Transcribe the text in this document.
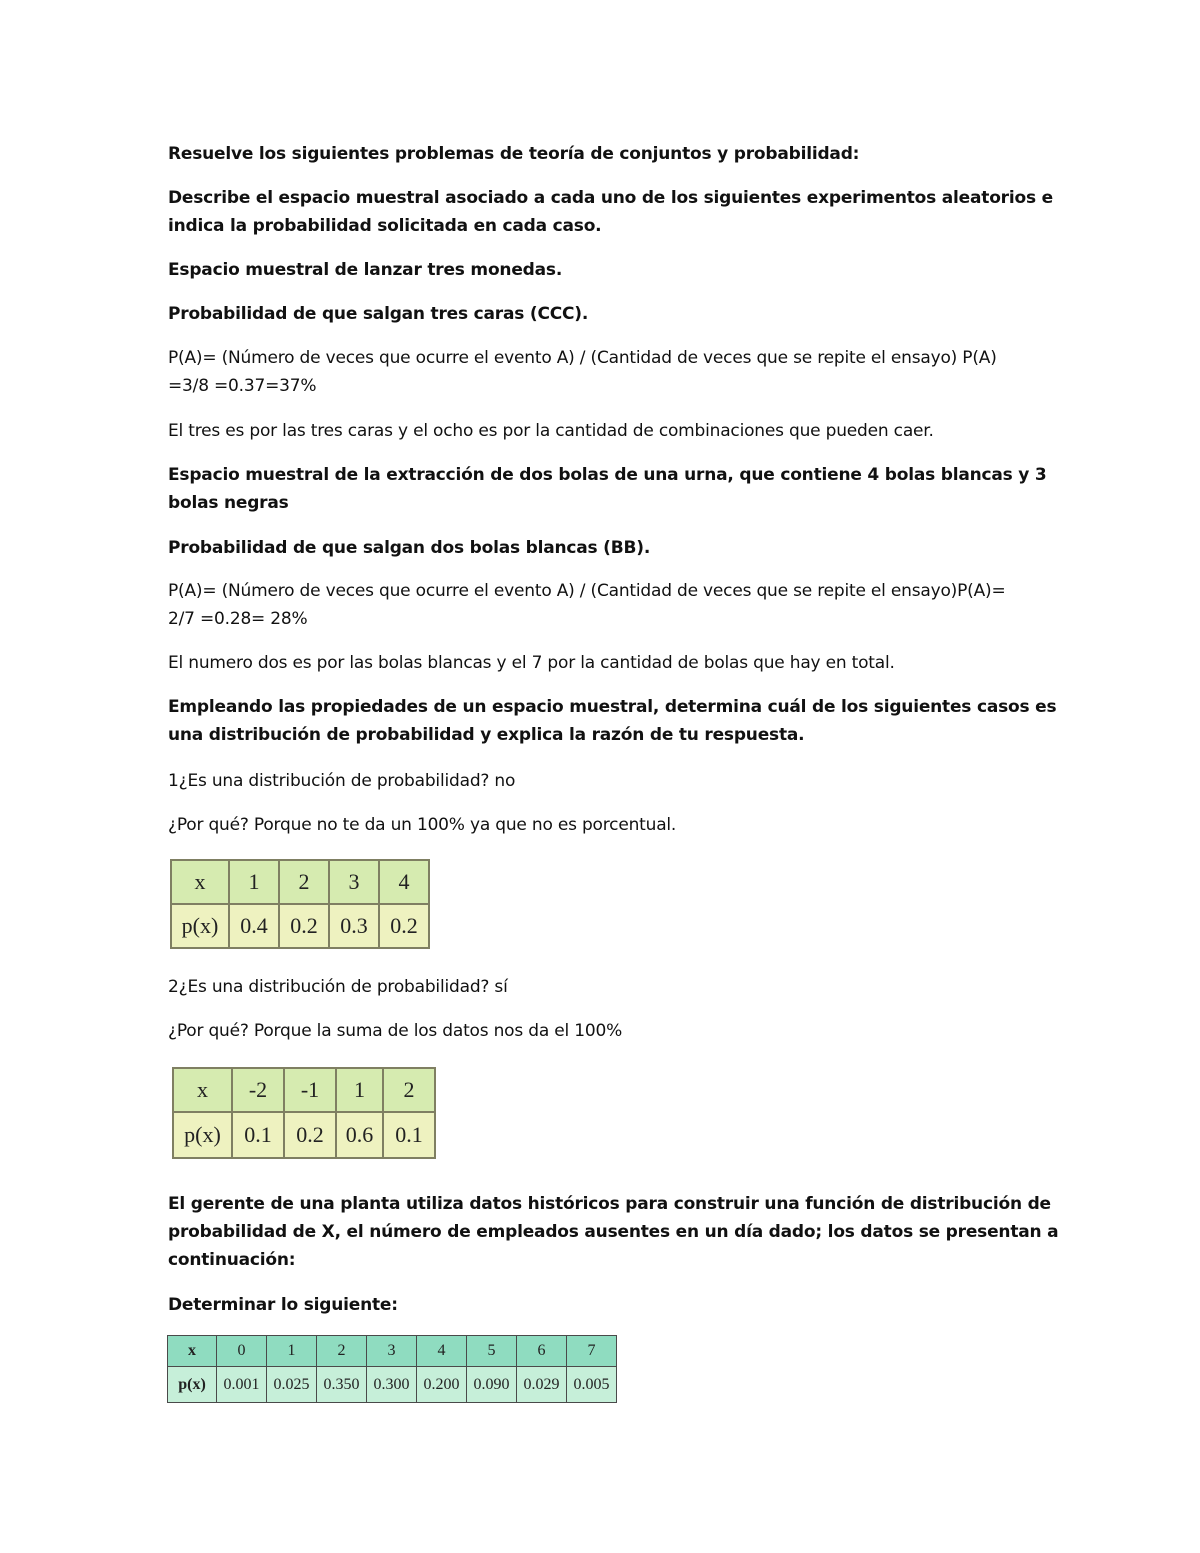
Resuelve los siguientes problemas de teoría de conjuntos y probabilidad:

Describe el espacio muestral asociado a cada uno de los siguientes experimentos aleatorios e
indica la probabilidad solicitada en cada caso.

Espacio muestral de lanzar tres monedas.

Probabilidad de que salgan tres caras (CCC).

P(A)= (Número de veces que ocurre el evento A) / (Cantidad de veces que se repite el ensayo) P(A)
=3/8 =0.37=37%

El tres es por las tres caras y el ocho es por la cantidad de combinaciones que pueden caer.

Espacio muestral de la extracción de dos bolas de una urna, que contiene 4 bolas blancas y 3
bolas negras

Probabilidad de que salgan dos bolas blancas (BB).

P(A)= (Número de veces que ocurre el evento A) / (Cantidad de veces que se repite el ensayo)P(A)=
2/7 =0.28= 28%

El numero dos es por las bolas blancas y el 7 por la cantidad de bolas que hay en total.

Empleando las propiedades de un espacio muestral, determina cuál de los siguientes casos es
una distribución de probabilidad y explica la razón de tu respuesta.

1¿Es una distribución de probabilidad? no

¿Por qué? Porque no te da un 100% ya que no es porcentual.

x	1	2	3	4
p(x)	0.4	0.2	0.3	0.2

2¿Es una distribución de probabilidad? sí

¿Por qué? Porque la suma de los datos nos da el 100%

x	-2	-1	1	2
p(x)	0.1	0.2	0.6	0.1

El gerente de una planta utiliza datos históricos para construir una función de distribución de
probabilidad de X, el número de empleados ausentes en un día dado; los datos se presentan a
continuación:

Determinar lo siguiente:

x	0	1	2	3	4	5	6	7
p(x)	0.001	0.025	0.350	0.300	0.200	0.090	0.029	0.005
